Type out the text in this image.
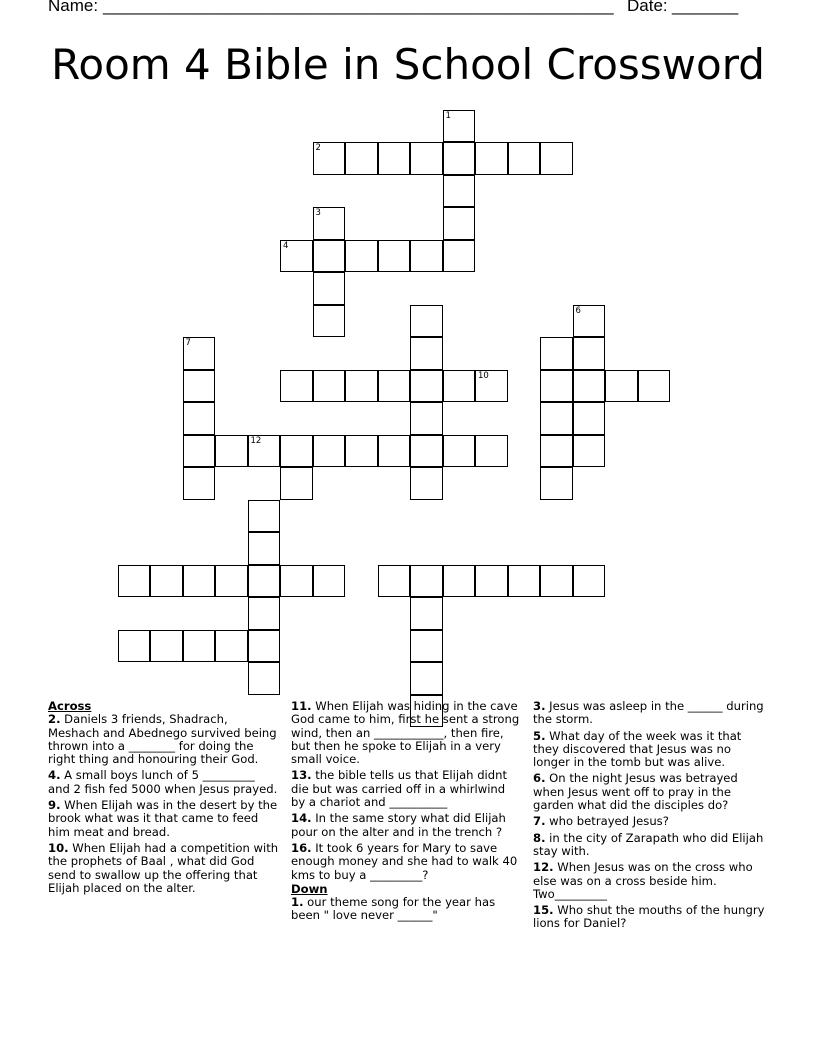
Name: ______________________________________________________ Date: _______
Room 4 Bible in School Crossword
1
2
3
4
6
7
10
12

Across

2. Daniels 3 friends, Shadrach, Meshach and Abednego survived being thrown into a ________ for doing the right thing and honouring their God.
4. A small boys lunch of 5 _________ and 2 fish fed 5000 when Jesus prayed.
9. When Elijah was in the desert by the brook what was it that came to feed him meat and bread.
10. When Elijah had a competition with the prophets of Baal , what did God send to swallow up the offering that Elijah placed on the alter.
11. When Elijah was hiding in the cave God came to him, first he sent a strong wind, then an ____________, then fire, but then he spoke to Elijah in a very small voice.
13. the bible tells us that Elijah didnt die but was carried off in a whirlwind by a chariot and __________
14. In the same story what did Elijah pour on the alter and in the trench ?
16. It took 6 years for Mary to save enough money and she had to walk 40 kms to buy a _________?

Down

1. our theme song for the year has been " love never ______"
3. Jesus was asleep in the ______ during the storm.
5. What day of the week was it that they discovered that Jesus was no longer in the tomb but was alive.
6. On the night Jesus was betrayed when Jesus went off to pray in the garden what did the disciples do?
7. who betrayed Jesus?
8. in the city of Zarapath who did Elijah stay with.
12. When Jesus was on the cross who else was on a cross beside him. Two_________
15. Who shut the mouths of the hungry lions for Daniel?
